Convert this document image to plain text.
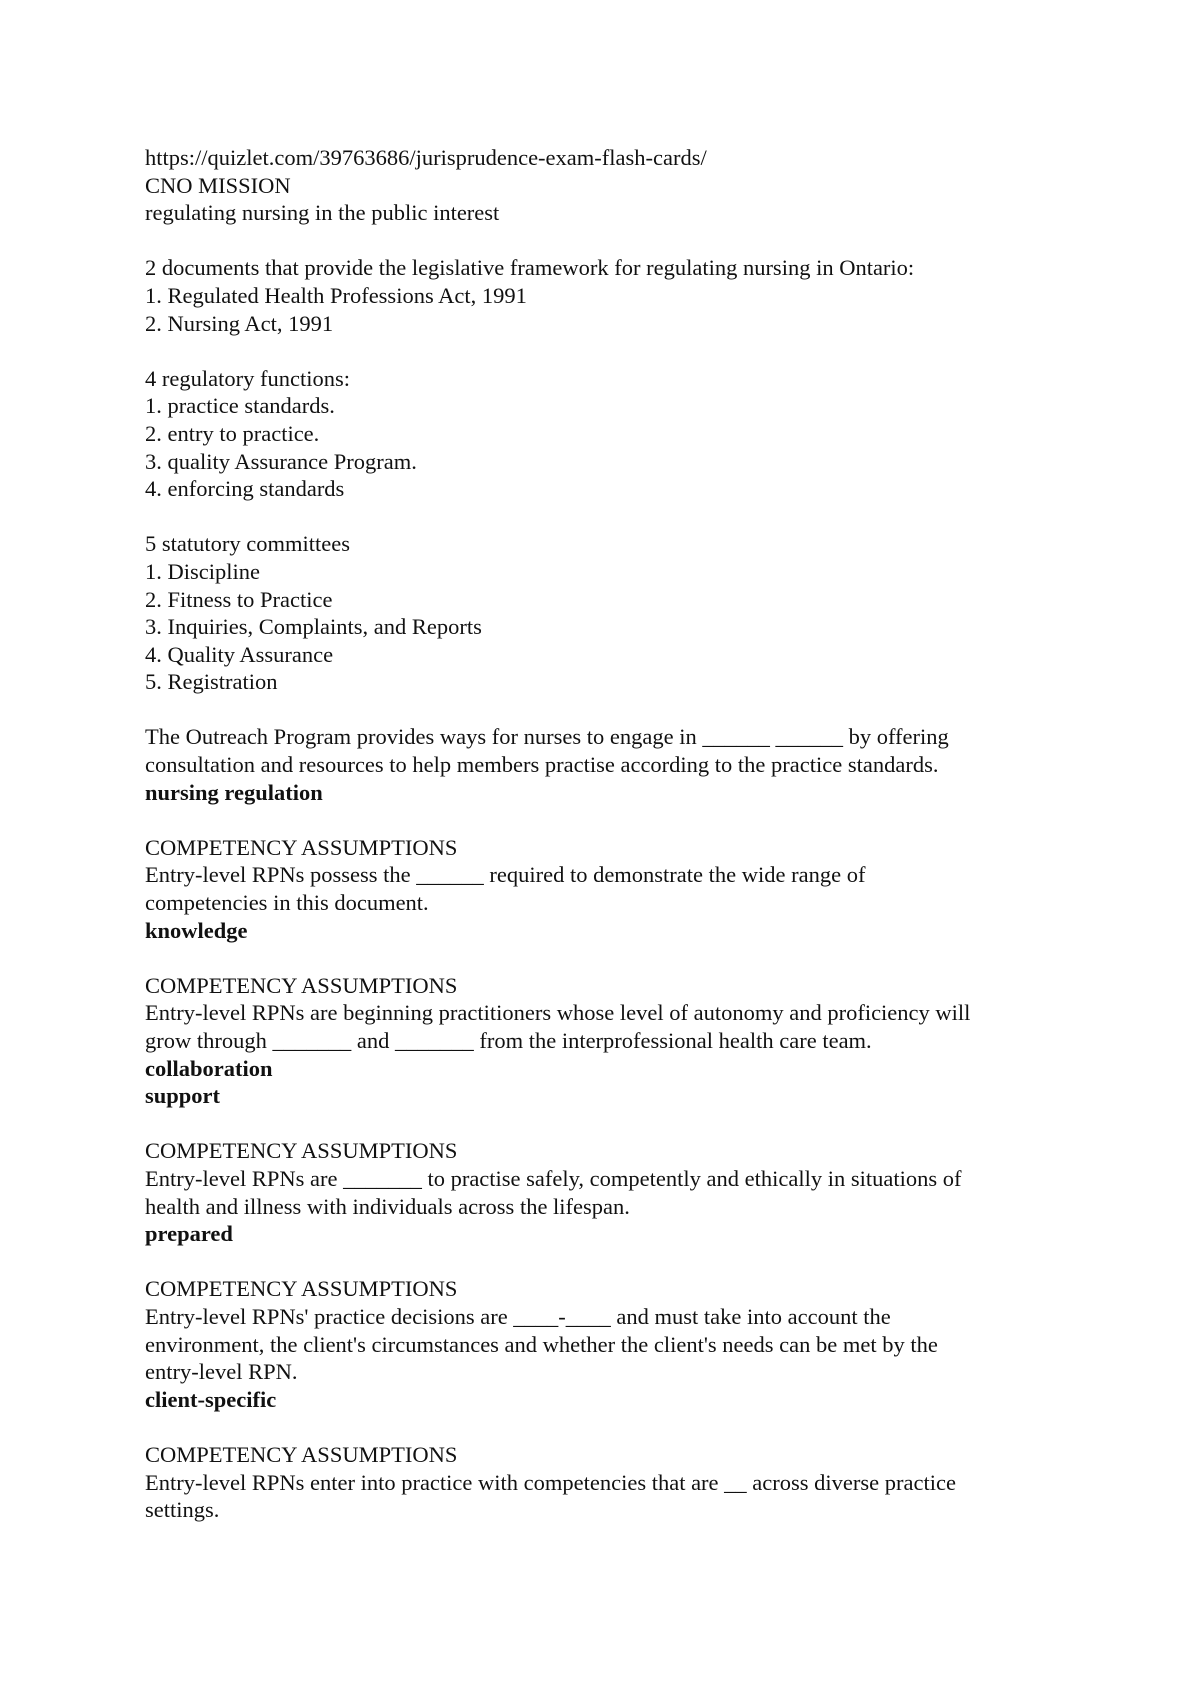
https://quizlet.com/39763686/jurisprudence-exam-flash-cards/
CNO MISSION
regulating nursing in the public interest
2 documents that provide the legislative framework for regulating nursing in Ontario:
1. Regulated Health Professions Act, 1991
2. Nursing Act, 1991
4 regulatory functions:
1. practice standards.
2. entry to practice.
3. quality Assurance Program.
4. enforcing standards
5 statutory committees
1. Discipline
2. Fitness to Practice
3. Inquiries, Complaints, and Reports
4. Quality Assurance
5. Registration
The Outreach Program provides ways for nurses to engage in ______ ______ by offering
consultation and resources to help members practise according to the practice standards.
nursing regulation
COMPETENCY ASSUMPTIONS
Entry-level RPNs possess the ______ required to demonstrate the wide range of
competencies in this document.
knowledge
COMPETENCY ASSUMPTIONS
Entry-level RPNs are beginning practitioners whose level of autonomy and proficiency will
grow through _______ and _______ from the interprofessional health care team.
collaboration
support
COMPETENCY ASSUMPTIONS
Entry-level RPNs are _______ to practise safely, competently and ethically in situations of
health and illness with individuals across the lifespan.
prepared
COMPETENCY ASSUMPTIONS
Entry-level RPNs' practice decisions are ____-____ and must take into account the
environment, the client's circumstances and whether the client's needs can be met by the
entry-level RPN.
client-specific
COMPETENCY ASSUMPTIONS
Entry-level RPNs enter into practice with competencies that are __ across diverse practice
settings.
